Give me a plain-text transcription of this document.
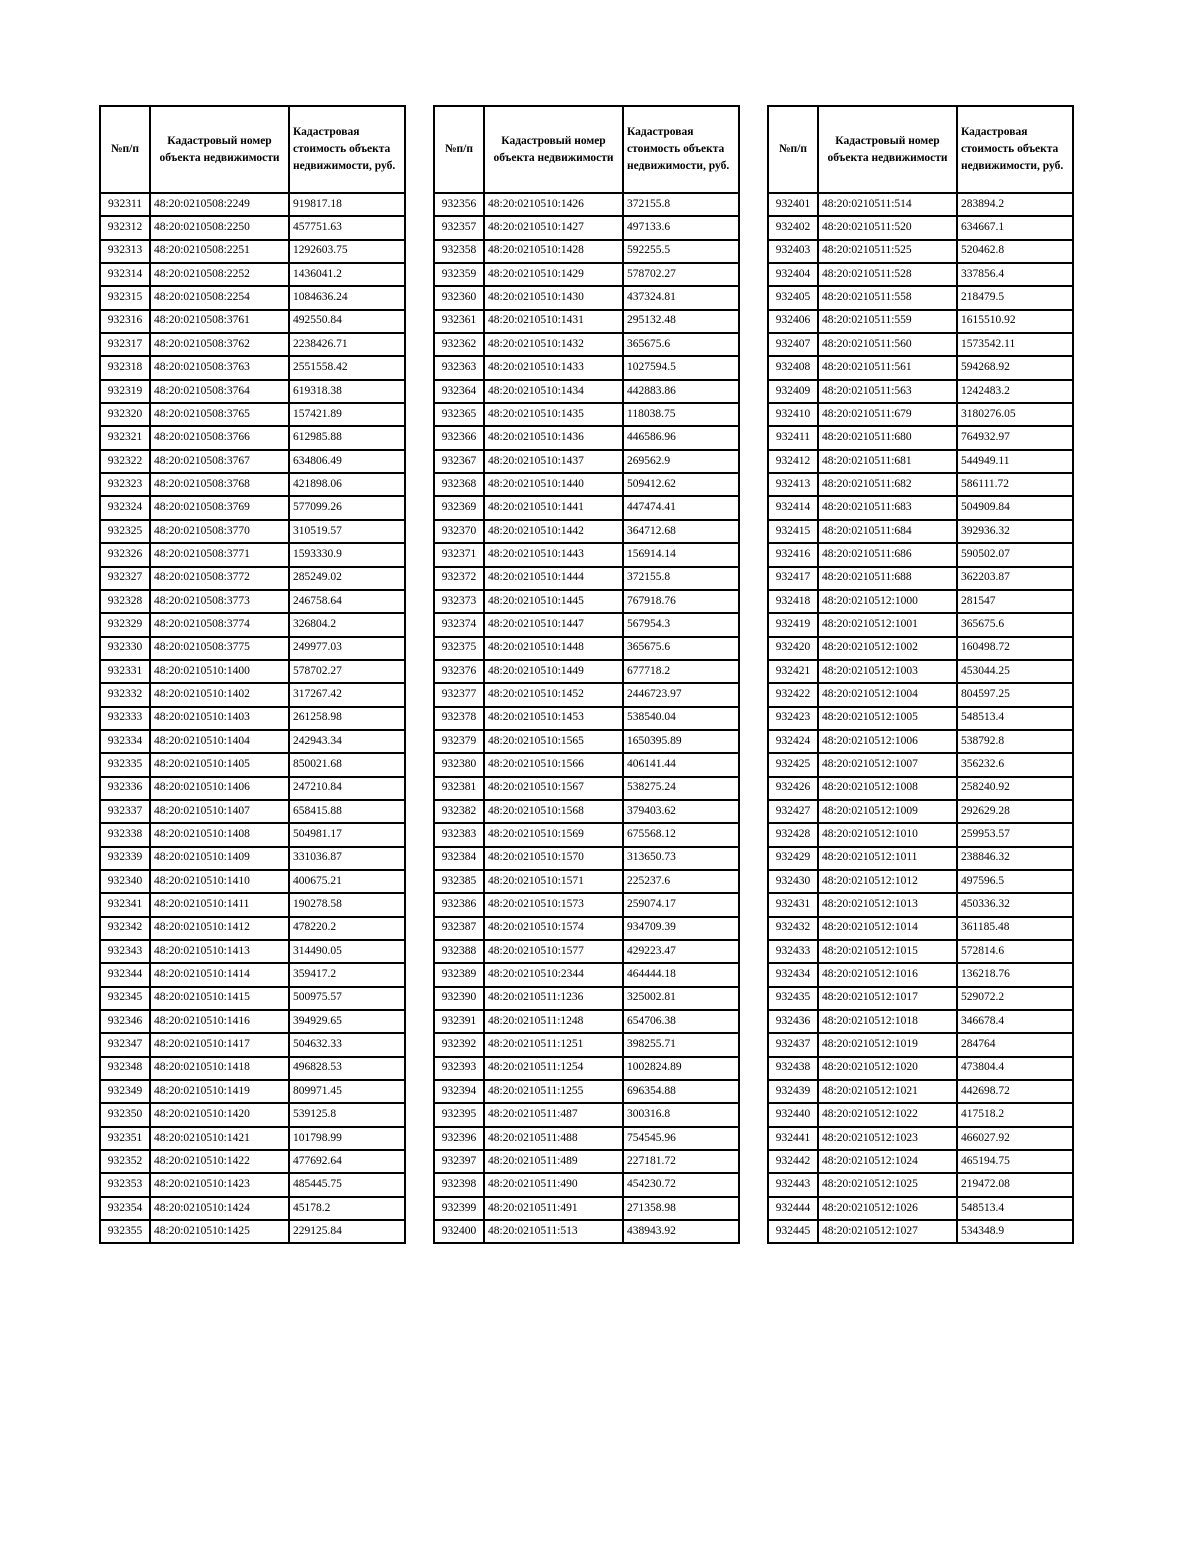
№п/п	Кадастровый номер объекта недвижимости	Кадастровая стоимость объекта недвижимости, руб.
932311	48:20:0210508:2249	919817.18
932312	48:20:0210508:2250	457751.63
932313	48:20:0210508:2251	1292603.75
932314	48:20:0210508:2252	1436041.2
932315	48:20:0210508:2254	1084636.24
932316	48:20:0210508:3761	492550.84
932317	48:20:0210508:3762	2238426.71
932318	48:20:0210508:3763	2551558.42
932319	48:20:0210508:3764	619318.38
932320	48:20:0210508:3765	157421.89
932321	48:20:0210508:3766	612985.88
932322	48:20:0210508:3767	634806.49
932323	48:20:0210508:3768	421898.06
932324	48:20:0210508:3769	577099.26
932325	48:20:0210508:3770	310519.57
932326	48:20:0210508:3771	1593330.9
932327	48:20:0210508:3772	285249.02
932328	48:20:0210508:3773	246758.64
932329	48:20:0210508:3774	326804.2
932330	48:20:0210508:3775	249977.03
932331	48:20:0210510:1400	578702.27
932332	48:20:0210510:1402	317267.42
932333	48:20:0210510:1403	261258.98
932334	48:20:0210510:1404	242943.34
932335	48:20:0210510:1405	850021.68
932336	48:20:0210510:1406	247210.84
932337	48:20:0210510:1407	658415.88
932338	48:20:0210510:1408	504981.17
932339	48:20:0210510:1409	331036.87
932340	48:20:0210510:1410	400675.21
932341	48:20:0210510:1411	190278.58
932342	48:20:0210510:1412	478220.2
932343	48:20:0210510:1413	314490.05
932344	48:20:0210510:1414	359417.2
932345	48:20:0210510:1415	500975.57
932346	48:20:0210510:1416	394929.65
932347	48:20:0210510:1417	504632.33
932348	48:20:0210510:1418	496828.53
932349	48:20:0210510:1419	809971.45
932350	48:20:0210510:1420	539125.8
932351	48:20:0210510:1421	101798.99
932352	48:20:0210510:1422	477692.64
932353	48:20:0210510:1423	485445.75
932354	48:20:0210510:1424	45178.2
932355	48:20:0210510:1425	229125.84
№п/п	Кадастровый номер объекта недвижимости	Кадастровая стоимость объекта недвижимости, руб.
932356	48:20:0210510:1426	372155.8
932357	48:20:0210510:1427	497133.6
932358	48:20:0210510:1428	592255.5
932359	48:20:0210510:1429	578702.27
932360	48:20:0210510:1430	437324.81
932361	48:20:0210510:1431	295132.48
932362	48:20:0210510:1432	365675.6
932363	48:20:0210510:1433	1027594.5
932364	48:20:0210510:1434	442883.86
932365	48:20:0210510:1435	118038.75
932366	48:20:0210510:1436	446586.96
932367	48:20:0210510:1437	269562.9
932368	48:20:0210510:1440	509412.62
932369	48:20:0210510:1441	447474.41
932370	48:20:0210510:1442	364712.68
932371	48:20:0210510:1443	156914.14
932372	48:20:0210510:1444	372155.8
932373	48:20:0210510:1445	767918.76
932374	48:20:0210510:1447	567954.3
932375	48:20:0210510:1448	365675.6
932376	48:20:0210510:1449	677718.2
932377	48:20:0210510:1452	2446723.97
932378	48:20:0210510:1453	538540.04
932379	48:20:0210510:1565	1650395.89
932380	48:20:0210510:1566	406141.44
932381	48:20:0210510:1567	538275.24
932382	48:20:0210510:1568	379403.62
932383	48:20:0210510:1569	675568.12
932384	48:20:0210510:1570	313650.73
932385	48:20:0210510:1571	225237.6
932386	48:20:0210510:1573	259074.17
932387	48:20:0210510:1574	934709.39
932388	48:20:0210510:1577	429223.47
932389	48:20:0210510:2344	464444.18
932390	48:20:0210511:1236	325002.81
932391	48:20:0210511:1248	654706.38
932392	48:20:0210511:1251	398255.71
932393	48:20:0210511:1254	1002824.89
932394	48:20:0210511:1255	696354.88
932395	48:20:0210511:487	300316.8
932396	48:20:0210511:488	754545.96
932397	48:20:0210511:489	227181.72
932398	48:20:0210511:490	454230.72
932399	48:20:0210511:491	271358.98
932400	48:20:0210511:513	438943.92
№п/п	Кадастровый номер объекта недвижимости	Кадастровая стоимость объекта недвижимости, руб.
932401	48:20:0210511:514	283894.2
932402	48:20:0210511:520	634667.1
932403	48:20:0210511:525	520462.8
932404	48:20:0210511:528	337856.4
932405	48:20:0210511:558	218479.5
932406	48:20:0210511:559	1615510.92
932407	48:20:0210511:560	1573542.11
932408	48:20:0210511:561	594268.92
932409	48:20:0210511:563	1242483.2
932410	48:20:0210511:679	3180276.05
932411	48:20:0210511:680	764932.97
932412	48:20:0210511:681	544949.11
932413	48:20:0210511:682	586111.72
932414	48:20:0210511:683	504909.84
932415	48:20:0210511:684	392936.32
932416	48:20:0210511:686	590502.07
932417	48:20:0210511:688	362203.87
932418	48:20:0210512:1000	281547
932419	48:20:0210512:1001	365675.6
932420	48:20:0210512:1002	160498.72
932421	48:20:0210512:1003	453044.25
932422	48:20:0210512:1004	804597.25
932423	48:20:0210512:1005	548513.4
932424	48:20:0210512:1006	538792.8
932425	48:20:0210512:1007	356232.6
932426	48:20:0210512:1008	258240.92
932427	48:20:0210512:1009	292629.28
932428	48:20:0210512:1010	259953.57
932429	48:20:0210512:1011	238846.32
932430	48:20:0210512:1012	497596.5
932431	48:20:0210512:1013	450336.32
932432	48:20:0210512:1014	361185.48
932433	48:20:0210512:1015	572814.6
932434	48:20:0210512:1016	136218.76
932435	48:20:0210512:1017	529072.2
932436	48:20:0210512:1018	346678.4
932437	48:20:0210512:1019	284764
932438	48:20:0210512:1020	473804.4
932439	48:20:0210512:1021	442698.72
932440	48:20:0210512:1022	417518.2
932441	48:20:0210512:1023	466027.92
932442	48:20:0210512:1024	465194.75
932443	48:20:0210512:1025	219472.08
932444	48:20:0210512:1026	548513.4
932445	48:20:0210512:1027	534348.9
